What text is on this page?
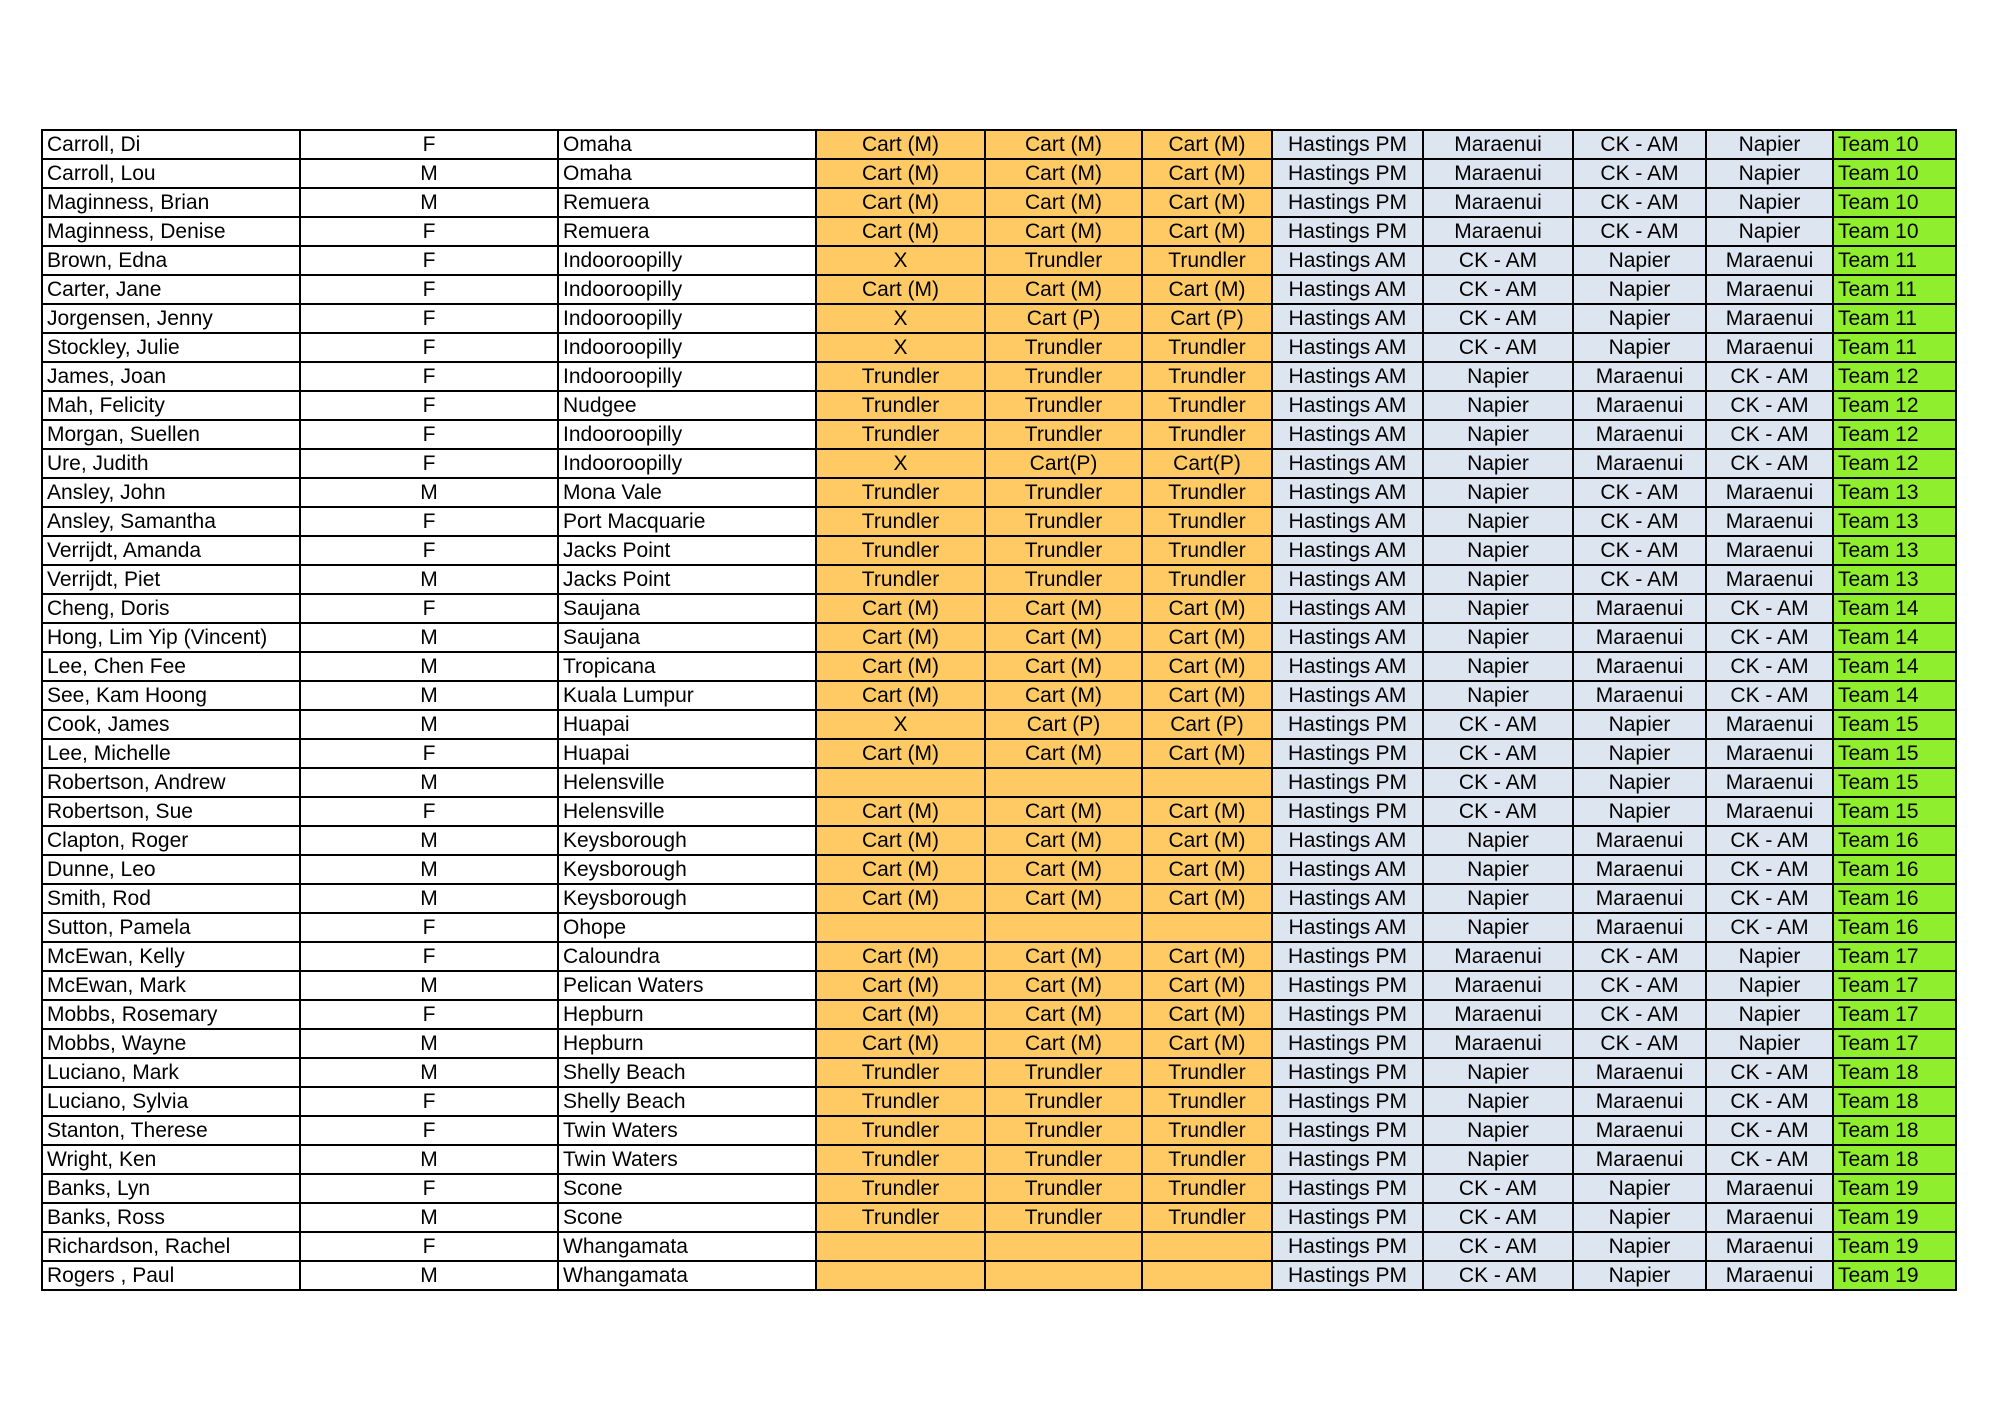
Carroll, Di	F	Omaha	Cart (M)	Cart (M)	Cart (M)	Hastings PM	Maraenui	CK - AM	Napier	Team 10
Carroll, Lou	M	Omaha	Cart (M)	Cart (M)	Cart (M)	Hastings PM	Maraenui	CK - AM	Napier	Team 10
Maginness, Brian	M	Remuera	Cart (M)	Cart (M)	Cart (M)	Hastings PM	Maraenui	CK - AM	Napier	Team 10
Maginness, Denise	F	Remuera	Cart (M)	Cart (M)	Cart (M)	Hastings PM	Maraenui	CK - AM	Napier	Team 10
Brown, Edna	F	Indooroopilly	X	Trundler	Trundler	Hastings AM	CK - AM	Napier	Maraenui	Team 11
Carter, Jane	F	Indooroopilly	Cart (M)	Cart (M)	Cart (M)	Hastings AM	CK - AM	Napier	Maraenui	Team 11
Jorgensen, Jenny	F	Indooroopilly	X	Cart (P)	Cart (P)	Hastings AM	CK - AM	Napier	Maraenui	Team 11
Stockley, Julie	F	Indooroopilly	X	Trundler	Trundler	Hastings AM	CK - AM	Napier	Maraenui	Team 11
James, Joan	F	Indooroopilly	Trundler	Trundler	Trundler	Hastings AM	Napier	Maraenui	CK - AM	Team 12
Mah, Felicity	F	Nudgee	Trundler	Trundler	Trundler	Hastings AM	Napier	Maraenui	CK - AM	Team 12
Morgan, Suellen	F	Indooroopilly	Trundler	Trundler	Trundler	Hastings AM	Napier	Maraenui	CK - AM	Team 12
Ure, Judith	F	Indooroopilly	X	Cart(P)	Cart(P)	Hastings AM	Napier	Maraenui	CK - AM	Team 12
Ansley, John	M	Mona Vale	Trundler	Trundler	Trundler	Hastings AM	Napier	CK - AM	Maraenui	Team 13
Ansley, Samantha	F	Port Macquarie	Trundler	Trundler	Trundler	Hastings AM	Napier	CK - AM	Maraenui	Team 13
Verrijdt, Amanda	F	Jacks Point	Trundler	Trundler	Trundler	Hastings AM	Napier	CK - AM	Maraenui	Team 13
Verrijdt, Piet	M	Jacks Point	Trundler	Trundler	Trundler	Hastings AM	Napier	CK - AM	Maraenui	Team 13
Cheng, Doris	F	Saujana	Cart (M)	Cart (M)	Cart (M)	Hastings AM	Napier	Maraenui	CK - AM	Team 14
Hong, Lim Yip (Vincent)	M	Saujana	Cart (M)	Cart (M)	Cart (M)	Hastings AM	Napier	Maraenui	CK - AM	Team 14
Lee, Chen Fee	M	Tropicana	Cart (M)	Cart (M)	Cart (M)	Hastings AM	Napier	Maraenui	CK - AM	Team 14
See, Kam Hoong	M	Kuala Lumpur	Cart (M)	Cart (M)	Cart (M)	Hastings AM	Napier	Maraenui	CK - AM	Team 14
Cook, James	M	Huapai	X	Cart (P)	Cart (P)	Hastings PM	CK - AM	Napier	Maraenui	Team 15
Lee, Michelle	F	Huapai	Cart (M)	Cart (M)	Cart (M)	Hastings PM	CK - AM	Napier	Maraenui	Team 15
Robertson, Andrew	M	Helensville				Hastings PM	CK - AM	Napier	Maraenui	Team 15
Robertson, Sue	F	Helensville	Cart (M)	Cart (M)	Cart (M)	Hastings PM	CK - AM	Napier	Maraenui	Team 15
Clapton, Roger	M	Keysborough	Cart (M)	Cart (M)	Cart (M)	Hastings AM	Napier	Maraenui	CK - AM	Team 16
Dunne, Leo	M	Keysborough	Cart (M)	Cart (M)	Cart (M)	Hastings AM	Napier	Maraenui	CK - AM	Team 16
Smith, Rod	M	Keysborough	Cart (M)	Cart (M)	Cart (M)	Hastings AM	Napier	Maraenui	CK - AM	Team 16
Sutton, Pamela	F	Ohope				Hastings AM	Napier	Maraenui	CK - AM	Team 16
McEwan, Kelly	F	Caloundra	Cart (M)	Cart (M)	Cart (M)	Hastings PM	Maraenui	CK - AM	Napier	Team 17
McEwan, Mark	M	Pelican Waters	Cart (M)	Cart (M)	Cart (M)	Hastings PM	Maraenui	CK - AM	Napier	Team 17
Mobbs, Rosemary	F	Hepburn	Cart (M)	Cart (M)	Cart (M)	Hastings PM	Maraenui	CK - AM	Napier	Team 17
Mobbs, Wayne	M	Hepburn	Cart (M)	Cart (M)	Cart (M)	Hastings PM	Maraenui	CK - AM	Napier	Team 17
Luciano, Mark	M	Shelly Beach	Trundler	Trundler	Trundler	Hastings PM	Napier	Maraenui	CK - AM	Team 18
Luciano, Sylvia	F	Shelly Beach	Trundler	Trundler	Trundler	Hastings PM	Napier	Maraenui	CK - AM	Team 18
Stanton, Therese	F	Twin Waters	Trundler	Trundler	Trundler	Hastings PM	Napier	Maraenui	CK - AM	Team 18
Wright, Ken	M	Twin Waters	Trundler	Trundler	Trundler	Hastings PM	Napier	Maraenui	CK - AM	Team 18
Banks, Lyn	F	Scone	Trundler	Trundler	Trundler	Hastings PM	CK - AM	Napier	Maraenui	Team 19
Banks, Ross	M	Scone	Trundler	Trundler	Trundler	Hastings PM	CK - AM	Napier	Maraenui	Team 19
Richardson, Rachel	F	Whangamata				Hastings PM	CK - AM	Napier	Maraenui	Team 19
Rogers , Paul	M	Whangamata				Hastings PM	CK - AM	Napier	Maraenui	Team 19
